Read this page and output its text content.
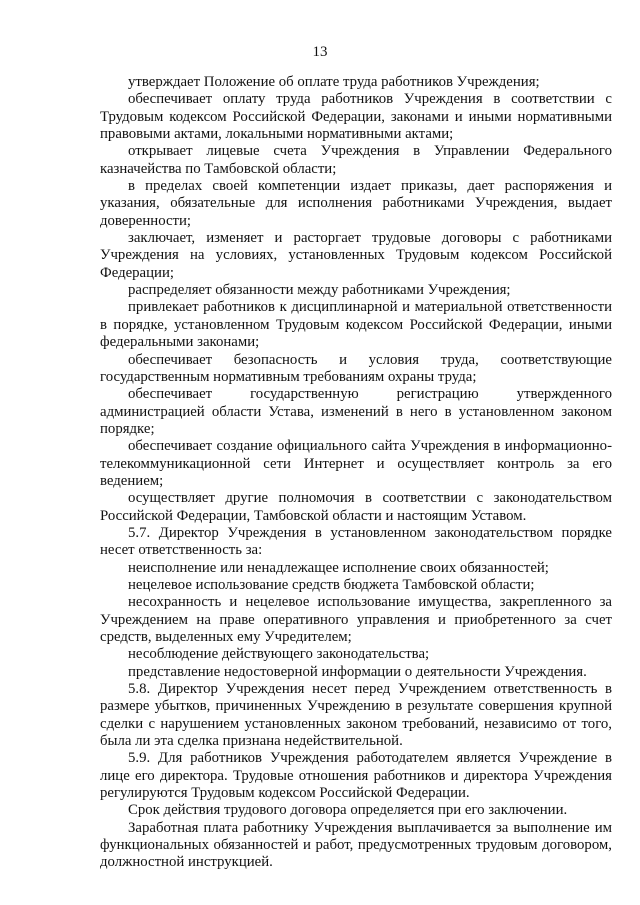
13

утверждает Положение об оплате труда работников Учреждения;

обеспечивает оплату труда работников Учреждения в соответствии с Трудовым кодексом Российской Федерации, законами и иными нормативными правовыми актами, локальными нормативными актами;

открывает лицевые счета Учреждения в Управлении Федерального казначейства по Тамбовской области;

в пределах своей компетенции издает приказы, дает распоряжения и указания, обязательные для исполнения работниками Учреждения, выдает доверенности;

заключает, изменяет и расторгает трудовые договоры с работниками Учреждения на условиях, установленных Трудовым кодексом Российской Федерации;

распределяет обязанности между работниками Учреждения;

привлекает работников к дисциплинарной и материальной ответственности в порядке, установленном Трудовым кодексом Российской Федерации, иными федеральными законами;

обеспечивает безопасность и условия труда, соответствующие государственным нормативным требованиям охраны труда;

обеспечивает государственную регистрацию утвержденного администрацией области Устава, изменений в него в установленном законом порядке;

обеспечивает создание официального сайта Учреждения в информационно-телекоммуникационной сети Интернет и осуществляет контроль за его ведением;

осуществляет другие полномочия в соответствии с законодательством Российской Федерации, Тамбовской области и настоящим Уставом.

5.7. Директор Учреждения в установленном законодательством порядке несет ответственность за:

неисполнение или ненадлежащее исполнение своих обязанностей;

нецелевое использование средств бюджета Тамбовской области;

несохранность и нецелевое использование имущества, закрепленного за Учреждением на праве оперативного управления и приобретенного за счет средств, выделенных ему Учредителем;

несоблюдение действующего законодательства;

представление недостоверной информации о деятельности Учреждения.

5.8. Директор Учреждения несет перед Учреждением ответственность в размере убытков, причиненных Учреждению в результате совершения крупной сделки с нарушением установленных законом требований, независимо от того, была ли эта сделка признана недействительной.

5.9. Для работников Учреждения работодателем является Учреждение в лице его директора. Трудовые отношения работников и директора Учреждения регулируются Трудовым кодексом Российской Федерации.

Срок действия трудового договора определяется при его заключении.

Заработная плата работнику Учреждения выплачивается за выполнение им функциональных обязанностей и работ, предусмотренных трудовым договором, должностной инструкцией.
